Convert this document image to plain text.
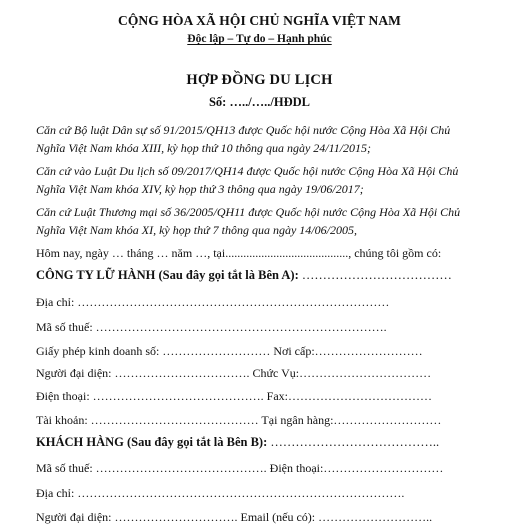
CỘNG HÒA XÃ HỘI CHỦ NGHĨA VIỆT NAM
Độc lập – Tự do – Hạnh phúc
HỢP ĐỒNG DU LỊCH
Số: …../…../HĐDL
Căn cứ Bộ luật Dân sự số 91/2015/QH13 được Quốc hội nước Cộng Hòa Xã Hội Chủ
Nghĩa Việt Nam khóa XIII, kỳ họp thứ 10 thông qua ngày 24/11/2015;
Căn cứ vào Luật Du lịch số 09/2017/QH14 được Quốc hội nước Cộng Hòa Xã Hội Chủ
Nghĩa Việt Nam khóa XIV, kỳ họp thứ 3 thông qua ngày 19/06/2017;
Căn cứ Luật Thương mại số 36/2005/QH11 được Quốc hội nước Cộng Hòa Xã Hội Chủ
Nghĩa Việt Nam khóa XI, kỳ họp thứ 7 thông qua ngày 14/06/2005,
Hôm nay, ngày … tháng … năm …, tại........................................., chúng tôi gồm có:
CÔNG TY LỮ HÀNH (Sau đây gọi tắt là Bên A): ………………………………
Địa chỉ: ……………………………………………………………………
Mã số thuế: ……………………………………………………………….
Giấy phép kinh doanh số: ……………………… Nơi cấp:………………………
Người đại diện: ……………………………. Chức Vụ:……………………………
Điện thoại: ……………………………………. Fax:………………………………
Tài khoản: …………………………………… Tại ngân hàng:………………………
KHÁCH HÀNG (Sau đây gọi tắt là Bên B): …………………………………..
Mã số thuế: ……………………………………. Điện thoại:…………………………
Địa chỉ: ……………………………………………………………………….
Người đại diện: …………………………. Email (nếu có): ………………………..
